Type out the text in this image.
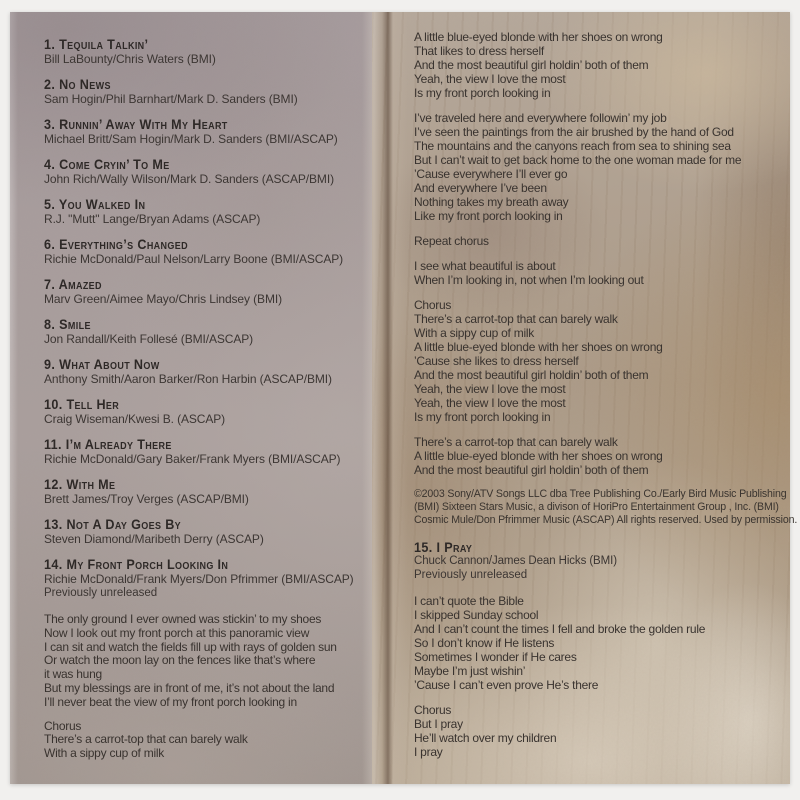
1. Tequila Talkin’
Bill LaBounty/Chris Waters (BMI)
2. No News
Sam Hogin/Phil Barnhart/Mark D. Sanders (BMI)
3. Runnin’ Away With My Heart
Michael Britt/Sam Hogin/Mark D. Sanders (BMI/ASCAP)
4. Come Cryin’ To Me
John Rich/Wally Wilson/Mark D. Sanders (ASCAP/BMI)
5. You Walked In
R.J. "Mutt" Lange/Bryan Adams (ASCAP)
6. Everything’s Changed
Richie McDonald/Paul Nelson/Larry Boone (BMI/ASCAP)
7. Amazed
Marv Green/Aimee Mayo/Chris Lindsey (BMI)
8. Smile
Jon Randall/Keith Follesé (BMI/ASCAP)
9. What About Now
Anthony Smith/Aaron Barker/Ron Harbin (ASCAP/BMI)
10. Tell Her
Craig Wiseman/Kwesi B. (ASCAP)
11. I’m Already There
Richie McDonald/Gary Baker/Frank Myers (BMI/ASCAP)
12. With Me
Brett James/Troy Verges (ASCAP/BMI)
13. Not A Day Goes By
Steven Diamond/Maribeth Derry (ASCAP)
14. My Front Porch Looking In
Richie McDonald/Frank Myers/Don Pfrimmer (BMI/ASCAP)
Previously unreleased
The only ground I ever owned was stickin’ to my shoes
Now I look out my front porch at this panoramic view
I can sit and watch the fields fill up with rays of golden sun
Or watch the moon lay on the fences like that’s where
it was hung
But my blessings are in front of me, it’s not about the land
I’ll never beat the view of my front porch looking in
Chorus
There’s a carrot-top that can barely walk
With a sippy cup of milk
A little blue-eyed blonde with her shoes on wrong
That likes to dress herself
And the most beautiful girl holdin’ both of them
Yeah, the view I love the most
Is my front porch looking in
I’ve traveled here and everywhere followin’ my job
I’ve seen the paintings from the air brushed by the hand of God
The mountains and the canyons reach from sea to shining sea
But I can’t wait to get back home to the one woman made for me
’Cause everywhere I’ll ever go
And everywhere I’ve been
Nothing takes my breath away
Like my front porch looking in
Repeat chorus
I see what beautiful is about
When I’m looking in, not when I’m looking out
Chorus
There’s a carrot-top that can barely walk
With a sippy cup of milk
A little blue-eyed blonde with her shoes on wrong
’Cause she likes to dress herself
And the most beautiful girl holdin’ both of them
Yeah, the view I love the most
Yeah, the view I love the most
Is my front porch looking in
There’s a carrot-top that can barely walk
A little blue-eyed blonde with her shoes on wrong
And the most beautiful girl holdin’ both of them
©2003 Sony/ATV Songs LLC dba Tree Publishing Co./Early Bird Music Publishing
(BMI) Sixteen Stars Music, a divison of HoriPro Entertainment Group , Inc. (BMI)
Cosmic Mule/Don Pfrimmer Music (ASCAP) All rights reserved. Used by permission.
15. I Pray
Chuck Cannon/James Dean Hicks (BMI)
Previously unreleased
I can’t quote the Bible
I skipped Sunday school
And I can’t count the times I fell and broke the golden rule
So I don’t know if He listens
Sometimes I wonder if He cares
Maybe I’m just wishin’
’Cause I can’t even prove He’s there
Chorus
But I pray
He’ll watch over my children
I pray
